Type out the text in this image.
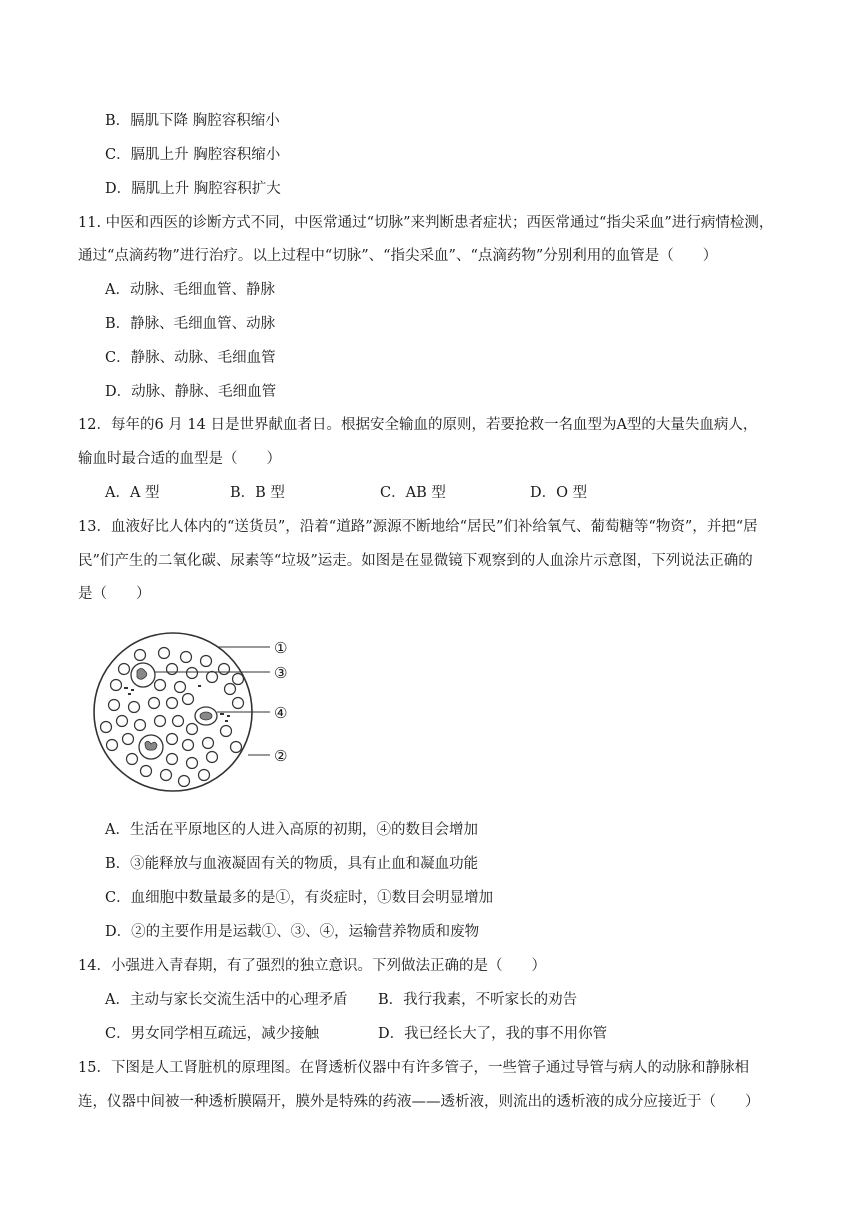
B．膈肌下降 胸腔容积缩小
C．膈肌上升 胸腔容积缩小
D．膈肌上升 胸腔容积扩大
11. 中医和西医的诊断方式不同，中医常通过“切脉”来判断患者症状；西医常通过“指尖采血”进行病情检测，
通过“点滴药物”进行治疗。以上过程中“切脉”、“指尖采血”、“点滴药物”分别利用的血管是（　　）
A．动脉、毛细血管、静脉
B．静脉、毛细血管、动脉
C．静脉、动脉、毛细血管
D．动脉、静脉、毛细血管
12．每年的6 月 14 日是世界献血者日。根据安全输血的原则，若要抢救一名血型为A型的大量失血病人，
输血时最合适的血型是（　　）
A．A 型	B．B 型	C．AB 型	D．O 型
13．血液好比人体内的“送货员”，沿着“道路”源源不断地给“居民”们补给氧气、葡萄糖等“物资”，并把“居
民”们产生的二氧化碳、尿素等“垃圾”运走。如图是在显微镜下观察到的人血涂片示意图，下列说法正确的
是（　　）
①
③
④
②
A．生活在平原地区的人进入高原的初期，④的数目会增加
B．③能释放与血液凝固有关的物质，具有止血和凝血功能
C．血细胞中数量最多的是①，有炎症时，①数目会明显增加
D．②的主要作用是运载①、③、④，运输营养物质和废物
14．小强进入青春期，有了强烈的独立意识。下列做法正确的是（　　）
A．主动与家长交流生活中的心理矛盾 B．我行我素，不听家长的劝告
C．男女同学相互疏远，减少接触	D．我已经长大了，我的事不用你管
15．下图是人工肾脏机的原理图。在肾透析仪器中有许多管子，一些管子通过导管与病人的动脉和静脉相
连，仪器中间被一种透析膜隔开，膜外是特殊的药液——透析液，则流出的透析液的成分应接近于（　　）
